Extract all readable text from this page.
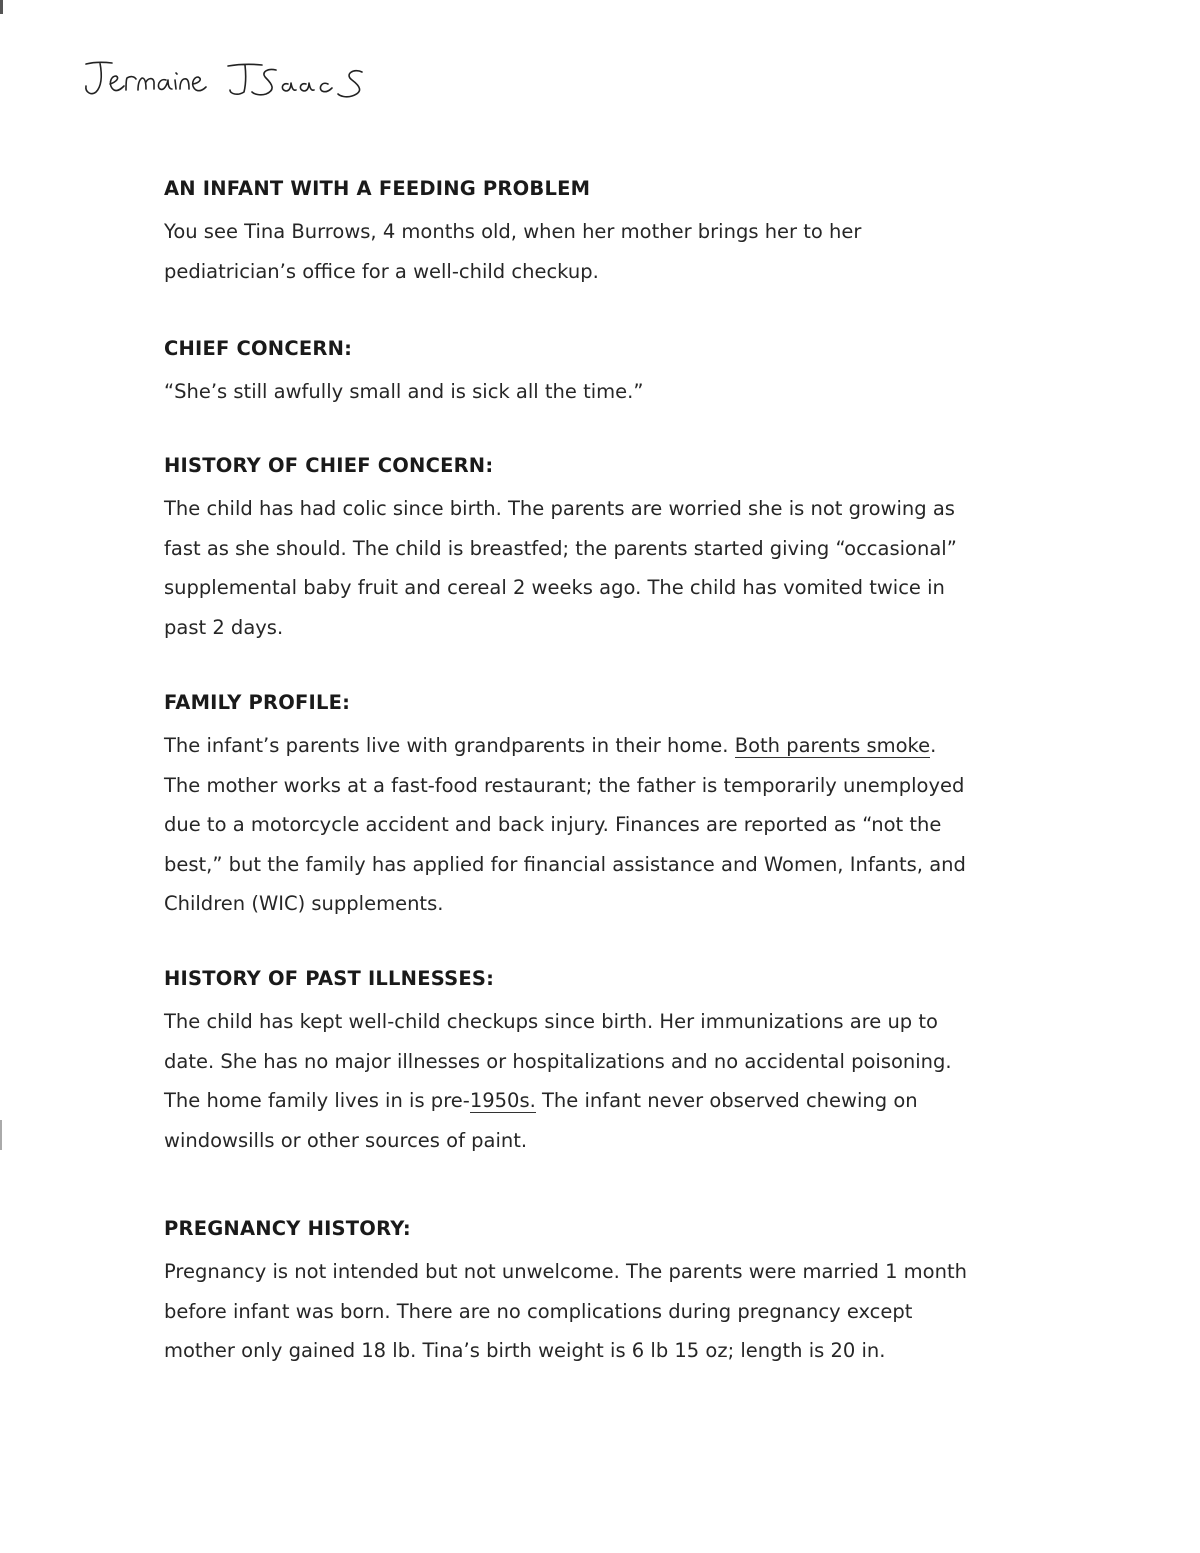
AN INFANT WITH A FEEDING PROBLEM

You see Tina Burrows, 4 months old, when her mother brings her to her
pediatrician’s office for a well-child checkup.

CHIEF CONCERN:

“She’s still awfully small and is sick all the time.”

HISTORY OF CHIEF CONCERN:

The child has had colic since birth. The parents are worried she is not growing as
fast as she should. The child is breastfed; the parents started giving “occasional”
supplemental baby fruit and cereal 2 weeks ago. The child has vomited twice in
past 2 days.

FAMILY PROFILE:

The infant’s parents live with grandparents in their home. Both parents smoke.
The mother works at a fast-food restaurant; the father is temporarily unemployed
due to a motorcycle accident and back injury. Finances are reported as “not the
best,” but the family has applied for financial assistance and Women, Infants, and
Children (WIC) supplements.

HISTORY OF PAST ILLNESSES:

The child has kept well-child checkups since birth. Her immunizations are up to
date. She has no major illnesses or hospitalizations and no accidental poisoning.
The home family lives in is pre-1950s. The infant never observed chewing on
windowsills or other sources of paint.

PREGNANCY HISTORY:

Pregnancy is not intended but not unwelcome. The parents were married 1 month
before infant was born. There are no complications during pregnancy except
mother only gained 18 lb. Tina’s birth weight is 6 lb 15 oz; length is 20 in.
